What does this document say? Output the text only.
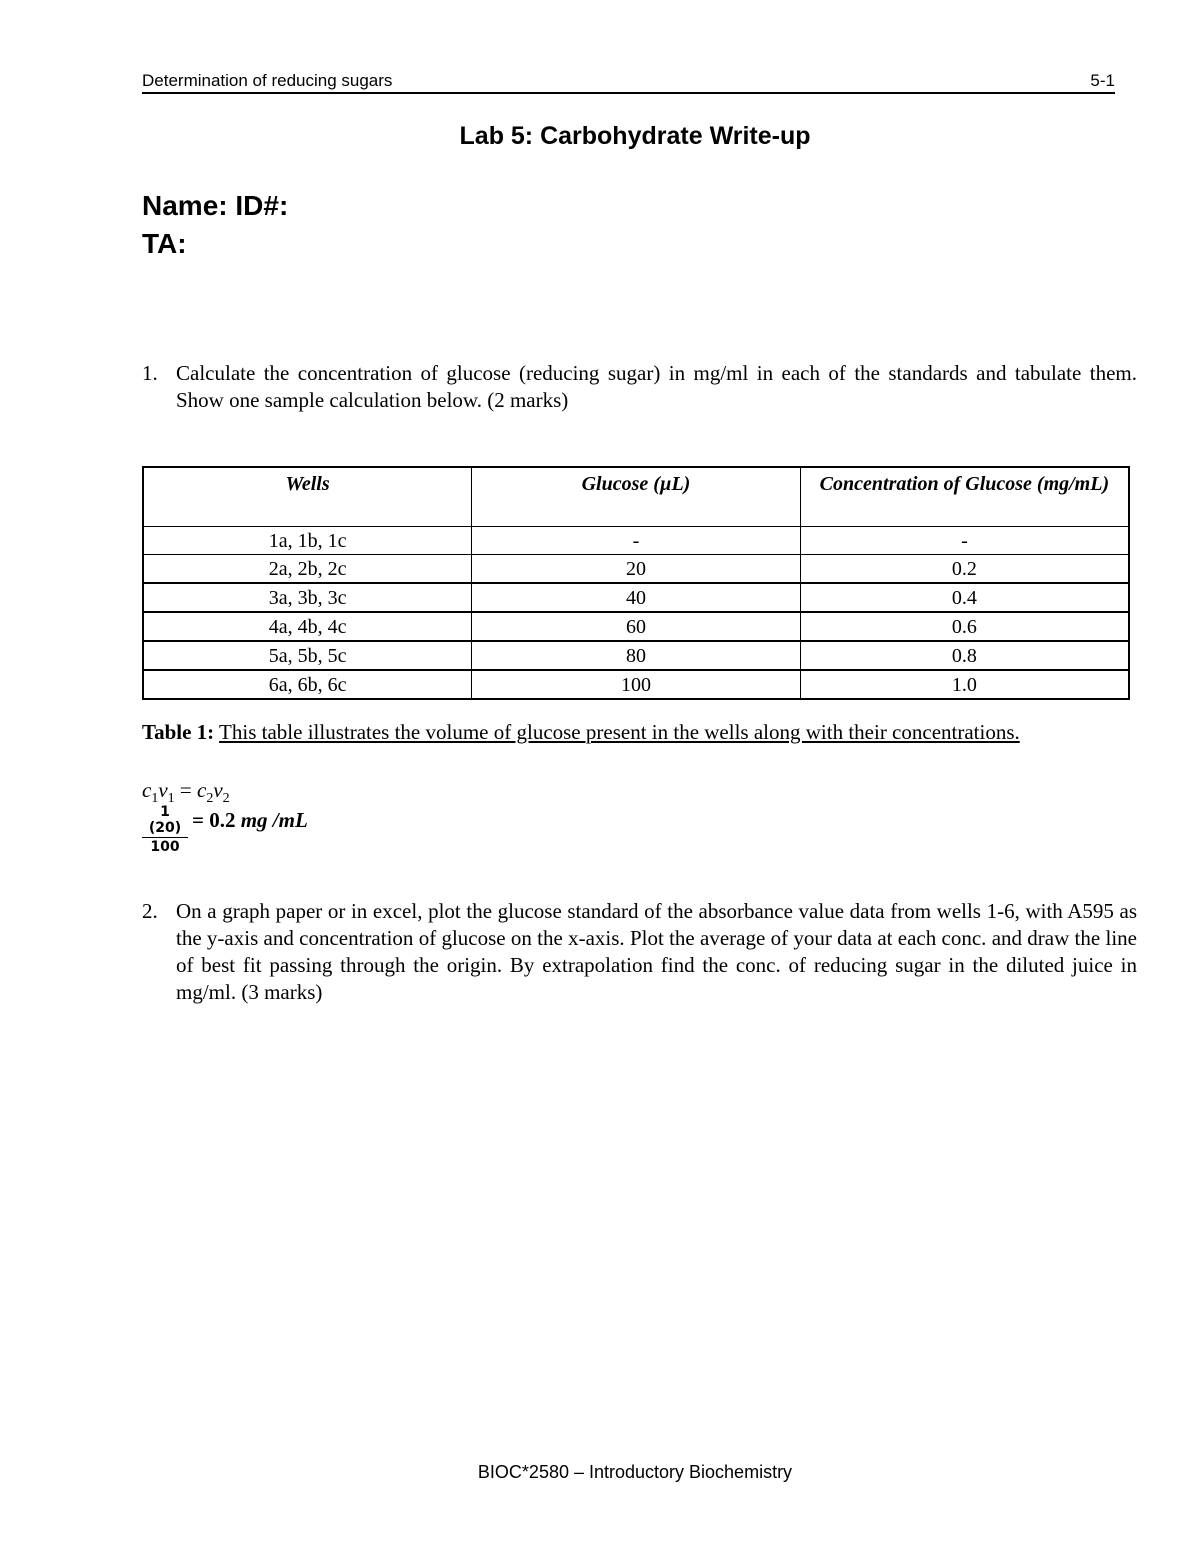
Determination of reducing sugars	5-1
Lab 5: Carbohydrate Write-up
Name: ID#:
TA:
1. Calculate the concentration of glucose (reducing sugar) in mg/ml in each of the standards and tabulate them. Show one sample calculation below. (2 marks)
Wells	Glucose (µL)	Concentration of Glucose (mg/mL)
1a, 1b, 1c	-	-
2a, 2b, 2c	20	0.2
3a, 3b, 3c	40	0.4
4a, 4b, 4c	60	0.6
5a, 5b, 5c	80	0.8
6a, 6b, 6c	100	1.0
Table 1: This table illustrates the volume of glucose present in the wells along with their concentrations.
$c_1v_1 = c_2v_2$
$\frac{1 (20)}{100} = 0.2$ mg /mL
2. On a graph paper or in excel, plot the glucose standard of the absorbance value data from wells 1-6, with A595 as the y-axis and concentration of glucose on the x-axis. Plot the average of your data at each conc. and draw the line of best fit passing through the origin. By extrapolation find the conc. of reducing sugar in the diluted juice in mg/ml. (3 marks)
BIOC*2580 – Introductory Biochemistry
